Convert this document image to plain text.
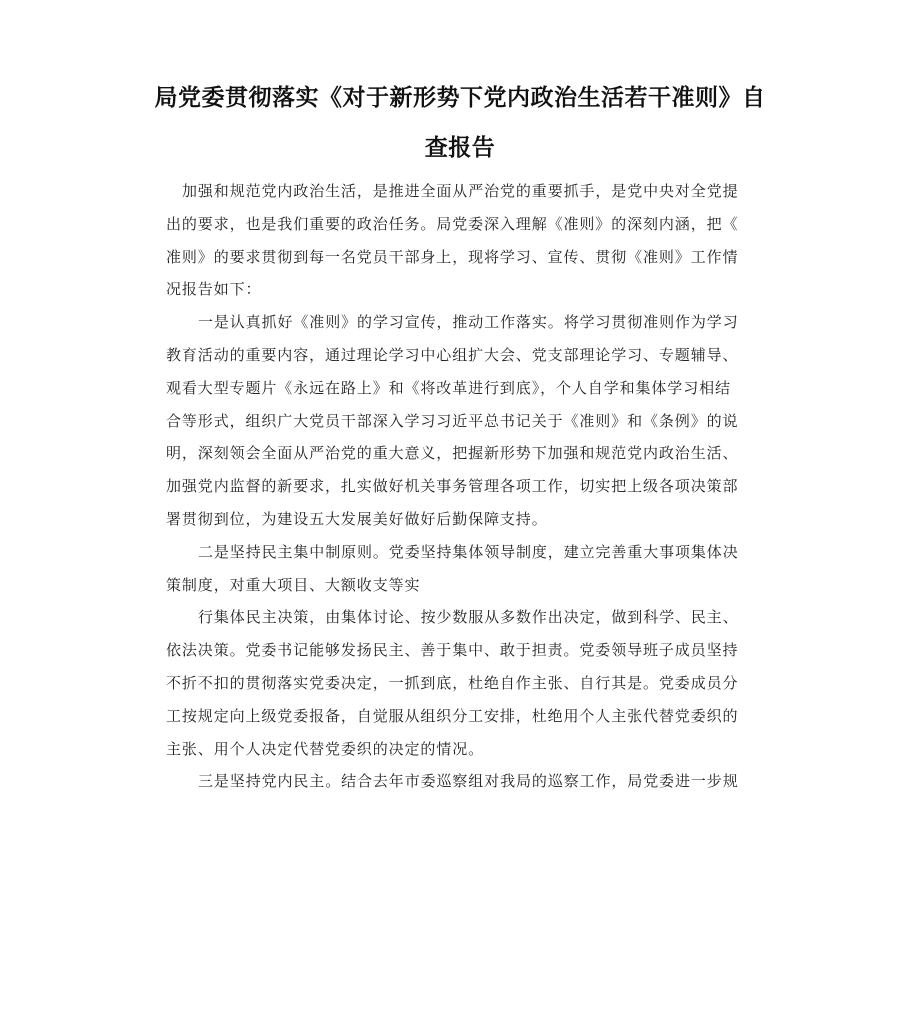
局党委贯彻落实《对于新形势下党内政治生活若干准则》自
查报告

加强和规范党内政治生活，是推进全面从严治党的重要抓手，是党中央对全党提
出的要求，也是我们重要的政治任务。局党委深入理解《准则》的深刻内涵，把《
准则》的要求贯彻到每一名党员干部身上，现将学习、宣传、贯彻《准则》工作情
况报告如下：

一是认真抓好《准则》的学习宣传，推动工作落实。将学习贯彻准则作为学习
教育活动的重要内容，通过理论学习中心组扩大会、党支部理论学习、专题辅导、
观看大型专题片《永远在路上》和《将改革进行到底》，个人自学和集体学习相结
合等形式，组织广大党员干部深入学习习近平总书记关于《准则》和《条例》的说
明，深刻领会全面从严治党的重大意义，把握新形势下加强和规范党内政治生活、
加强党内监督的新要求，扎实做好机关事务管理各项工作，切实把上级各项决策部
署贯彻到位，为建设五大发展美好做好后勤保障支持。

二是坚持民主集中制原则。党委坚持集体领导制度，建立完善重大事项集体决
策制度，对重大项目、大额收支等实

行集体民主决策，由集体讨论、按少数服从多数作出决定，做到科学、民主、
依法决策。党委书记能够发扬民主、善于集中、敢于担责。党委领导班子成员坚持
不折不扣的贯彻落实党委决定，一抓到底，杜绝自作主张、自行其是。党委成员分
工按规定向上级党委报备，自觉服从组织分工安排，杜绝用个人主张代替党委织的
主张、用个人决定代替党委织的决定的情况。

三是坚持党内民主。结合去年市委巡察组对我局的巡察工作，局党委进一步规
